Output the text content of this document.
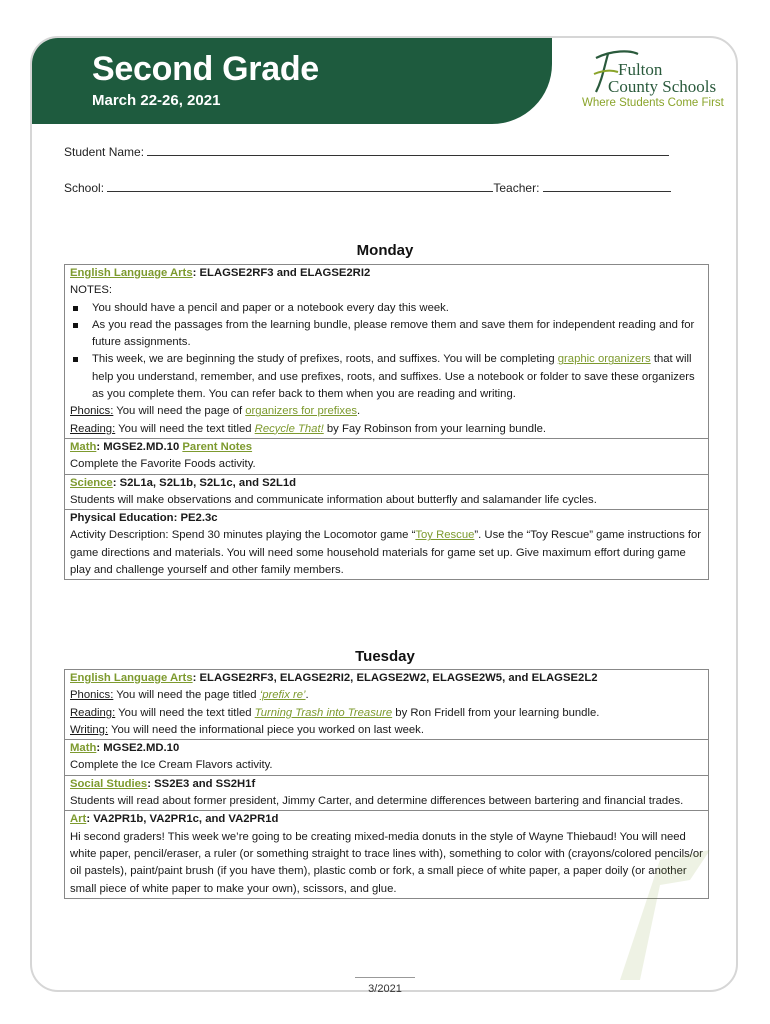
Second Grade
March 22-26, 2021
Fulton
County Schools
Where Students Come First
Student Name:
School:	Teacher:
Monday
English Language Arts: ELAGSE2RF3 and ELAGSE2RI2
NOTES:
You should have a pencil and paper or a notebook every day this week.
As you read the passages from the learning bundle, please remove them and save them for independent reading and for future assignments.
This week, we are beginning the study of prefixes, roots, and suffixes. You will be completing graphic organizers that will help you understand, remember, and use prefixes, roots, and suffixes. Use a notebook or folder to save these organizers as you complete them. You can refer back to them when you are reading and writing.
Phonics: You will need the page of organizers for prefixes.
Reading: You will need the text titled Recycle That! by Fay Robinson from your learning bundle.
Math: MGSE2.MD.10 Parent Notes
Complete the Favorite Foods activity.
Science: S2L1a, S2L1b, S2L1c, and S2L1d
Students will make observations and communicate information about butterfly and salamander life cycles.
Physical Education: PE2.3c
Activity Description: Spend 30 minutes playing the Locomotor game “Toy Rescue”. Use the “Toy Rescue” game instructions for game directions and materials. You will need some household materials for game set up. Give maximum effort during game play and challenge yourself and other family members.
Tuesday
English Language Arts: ELAGSE2RF3, ELAGSE2RI2, ELAGSE2W2, ELAGSE2W5, and ELAGSE2L2
Phonics: You will need the page titled ‘prefix re’.
Reading: You will need the text titled Turning Trash into Treasure by Ron Fridell from your learning bundle.
Writing: You will need the informational piece you worked on last week.
Math: MGSE2.MD.10
Complete the Ice Cream Flavors activity.
Social Studies: SS2E3 and SS2H1f
Students will read about former president, Jimmy Carter, and determine differences between bartering and financial trades.
Art: VA2PR1b, VA2PR1c, and VA2PR1d
Hi second graders! This week we’re going to be creating mixed-media donuts in the style of Wayne Thiebaud! You will need white paper, pencil/eraser, a ruler (or something straight to trace lines with), something to color with (crayons/colored pencils/or oil pastels), paint/paint brush (if you have them), plastic comb or fork, a small piece of white paper, a paper doily (or another small piece of white paper to make your own), scissors, and glue.
3/2021
